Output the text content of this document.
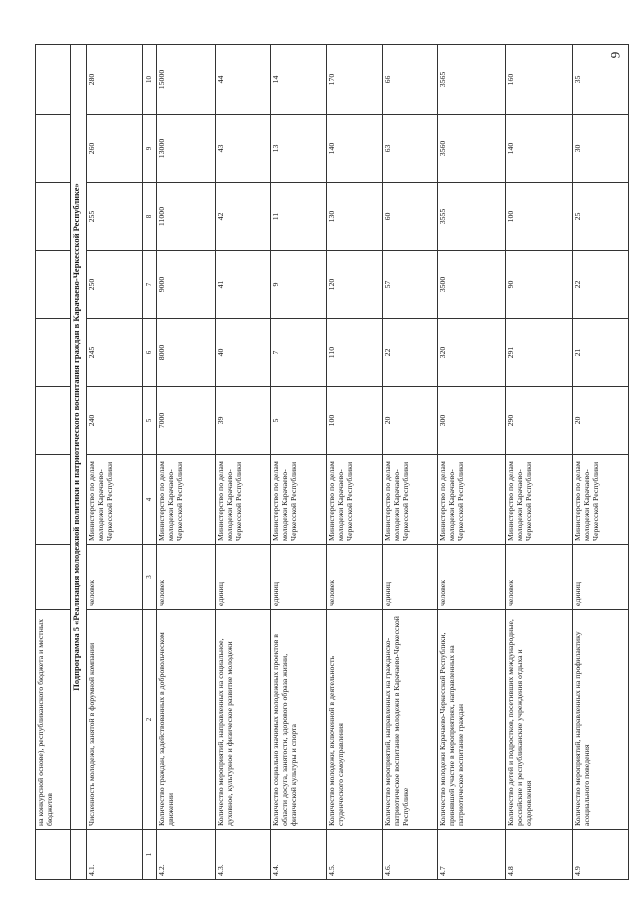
9
	на конкурсной основе), республиканского бюджета и местных бюджетов								
	Подпрограмма 5 «Реализация молодежной политики и патриотического воспитания граждан в Карачаево-Черкесской Республике»								
4.1.	Численность молодежи, занятой в форумной компании	человек	Министерство по делам молодежи Карачаево-Черкесской Республики	240	245	250	255	260	280
1	2	3	4	5	6	7	8	9	10
4.2.	Количество граждан, задействованных в добровольческом движении	человек	Министерство по делам молодежи Карачаево-Черкесской Республики	7000	8000	9000	11000	13000	15000
4.3.	Количество мероприятий, направленных на социальное, духовное, культурное и физическое развитие молодежи	единиц	Министерство по делам молодежи Карачаево-Черкесской Республики	39	40	41	42	43	44
4.4.	Количество социально значимых молодежных проектов в области досуга, занятости, здорового образа жизни, физической культуры и спорта	единиц	Министерство по делам молодежи Карачаево-Черкесской Республики	5	7	9	11	13	14
4.5.	Количество молодежи, включенной в деятельность студенческого самоуправления	человек	Министерство по делам молодежи Карачаево-Черкесской Республики	100	110	120	130	140	170
4.6.	Количество мероприятий, направленных на гражданско-патриотическое воспитание молодежи в Карачаево-Черкесской Республике	единиц	Министерство по делам молодежи Карачаево-Черкесской Республики	20	22	57	60	63	66
4.7	Количество молодежи Карачаево-Черкесской Республики, принявшей участие в мероприятиях, направленных на патриотическое воспитание граждан	человек	Министерство по делам молодежи Карачаево-Черкесской Республики	300	320	3500	3555	3560	3565
4.8	Количество детей и подростков, посетивших международные, российские и республиканские учреждения отдыха и оздоровления	человек	Министерство по делам молодежи Карачаево-Черкесской Республики	290	291	90	100	140	160
4.9	Количество мероприятий, направленных на профилактику асоциального поведения	единиц	Министерство по делам молодежи Карачаево-Черкесской Республики	20	21	22	25	30	35
